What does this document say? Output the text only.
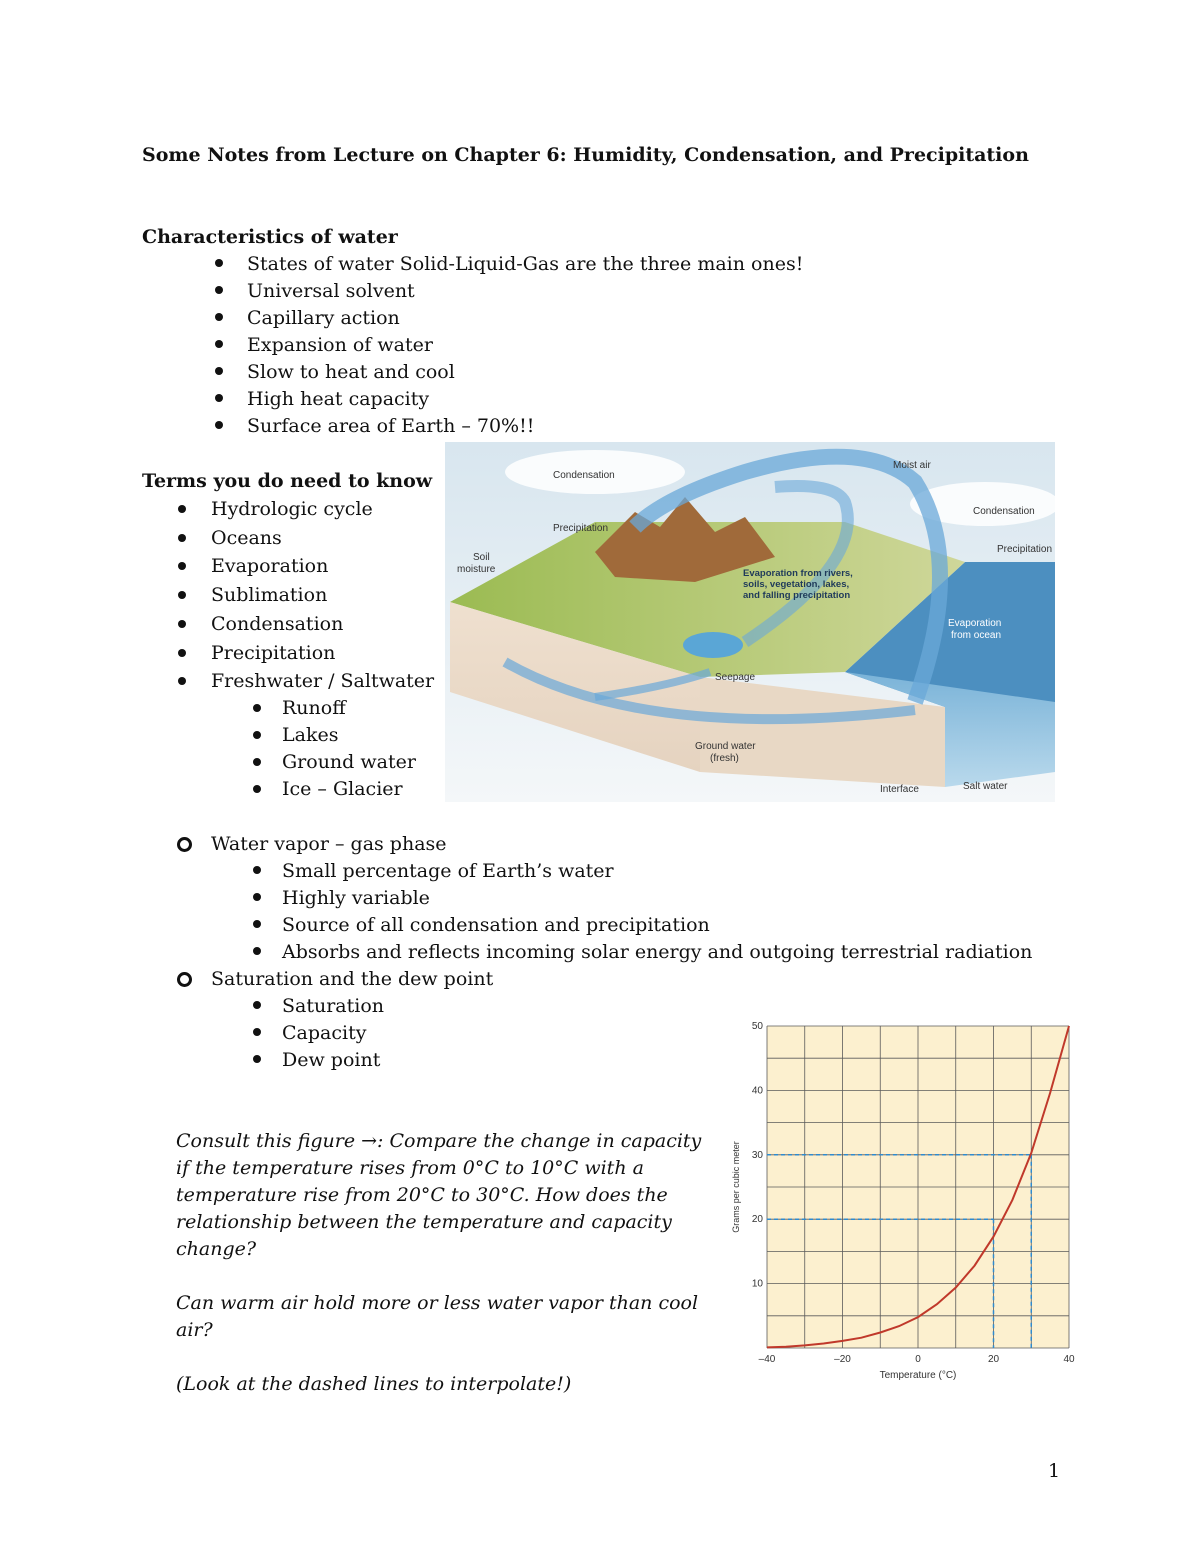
Some Notes from Lecture on Chapter 6: Humidity, Condensation, and Precipitation
Characteristics of water
States of water Solid-Liquid-Gas are the three main ones!
Universal solvent
Capillary action
Expansion of water
Slow to heat and cool
High heat capacity
Surface area of Earth – 70%!!
Terms you do need to know
Hydrologic cycle
Oceans
Evaporation
Sublimation
Condensation
Precipitation
Freshwater / Saltwater
Runoff
Lakes
Ground water
Ice – Glacier
Condensation
Moist air
Condensation
Precipitation
Precipitation
Soil
moisture	Evaporation from rivers,
soils, vegetation, lakes,
and falling precipitation
Evaporation
from ocean
Seepage
Ground water
(fresh)
Interface	Salt water
Water vapor – gas phase
Small percentage of Earth’s water
Highly variable
Source of all condensation and precipitation
Absorbs and reflects incoming solar energy and outgoing terrestrial radiation
Saturation and the dew point
Saturation
Capacity
Dew point
Consult this figure →: Compare the change in capacity
if the temperature rises from 0°C to 10°C with a
temperature rise from 20°C to 30°C. How does the
relationship between the temperature and capacity
change?
Can warm air hold more or less water vapor than cool
air?
(Look at the dashed lines to interpolate!)
–40	–20	0	20	40
10
20
30
40
50
Temperature (°C)
Grams per cubic meter
1
